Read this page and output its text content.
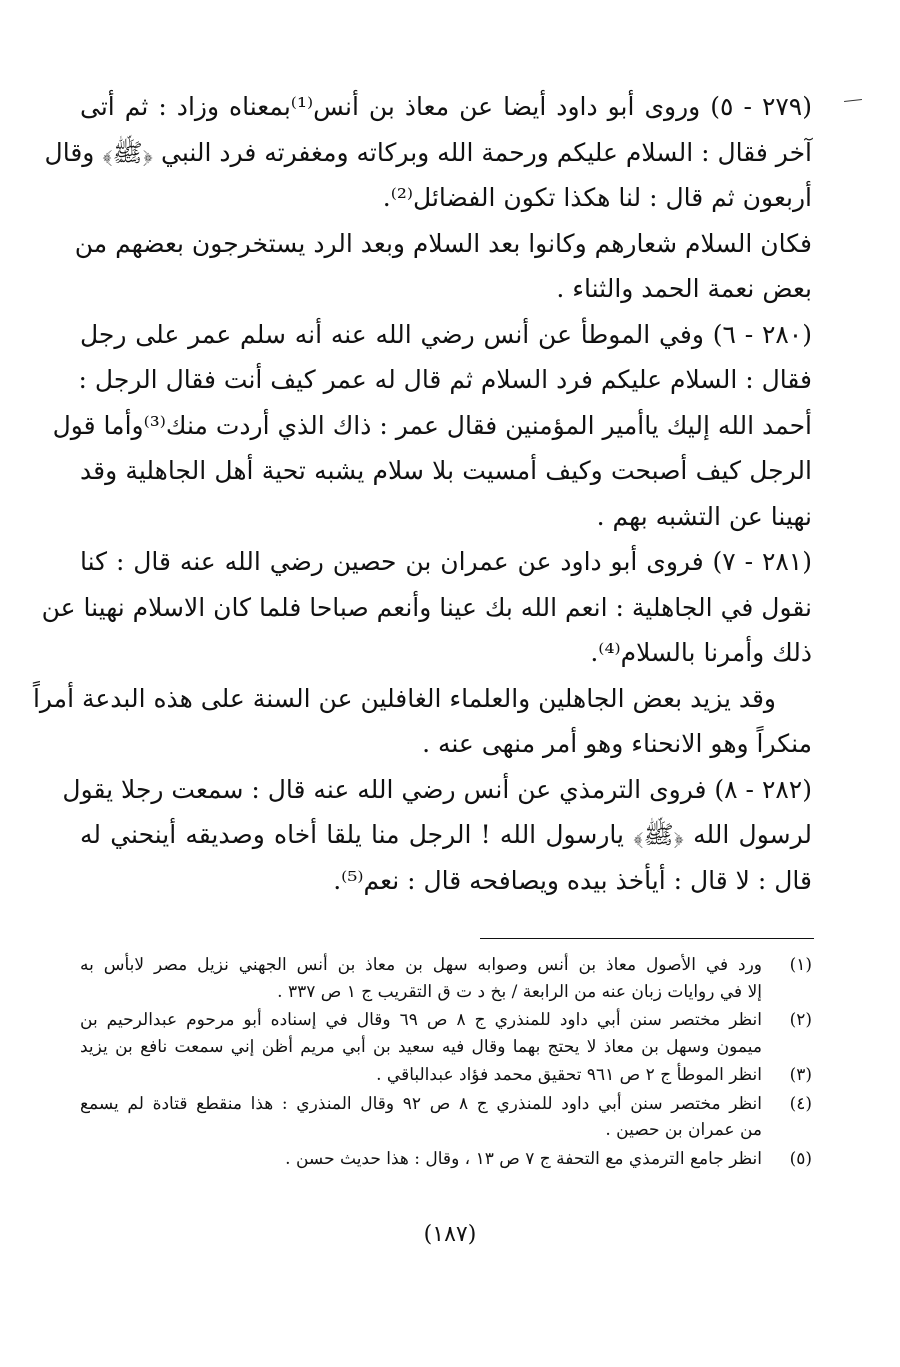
(٢٧٩ - ٥) وروى أبو داود أيضا عن معاذ بن أنس⁽¹⁾بمعناه وزاد : ثم أتى
آخر فقال : السلام عليكم ورحمة الله وبركاته ومغفرته فرد النبي ﴿ﷺ﴾ وقال
أربعون ثم قال : لنا هكذا تكون الفضائل⁽²⁾.
فكان السلام شعارهم وكانوا بعد السلام وبعد الرد يستخرجون بعضهم من
بعض نعمة الحمد والثناء .
(٢٨٠ - ٦) وفي الموطأ عن أنس رضي الله عنه أنه سلم عمر على رجل
فقال : السلام عليكم فرد السلام ثم قال له عمر كيف أنت فقال الرجل :
أحمد الله إليك ياأمير المؤمنين فقال عمر : ذاك الذي أردت منك⁽³⁾وأما قول
الرجل كيف أصبحت وكيف أمسيت بلا سلام يشبه تحية أهل الجاهلية وقد
نهينا عن التشبه بهم .
(٢٨١ - ٧) فروى أبو داود عن عمران بن حصين رضي الله عنه قال : كنا
نقول في الجاهلية : انعم الله بك عينا وأنعم صباحا فلما كان الاسلام نهينا عن
ذلك وأمرنا بالسلام⁽⁴⁾.
وقد يزيد بعض الجاهلين والعلماء الغافلين عن السنة على هذه البدعة أمراً
منكراً وهو الانحناء وهو أمر منهى عنه .
(٢٨٢ - ٨) فروى الترمذي عن أنس رضي الله عنه قال : سمعت رجلا يقول
لرسول الله ﴿ﷺ﴾ يارسول الله ! الرجل منا يلقا أخاه وصديقه أينحني له
قال : لا قال : أيأخذ بيده ويصافحه قال : نعم⁽⁵⁾.
(١)
ورد في الأصول معاذ بن أنس وصوابه سهل بن معاذ بن أنس الجهني نزيل مصر لابأس به
إلا في روايات زبان عنه من الرابعة / بخ د ت ق التقريب ج ١ ص ٣٣٧ .
(٢)
انظر مختصر سنن أبي داود للمنذري ج ٨ ص ٦٩ وقال في إسناده أبو مرحوم عبدالرحيم بن
ميمون وسهل بن معاذ لا يحتج بهما وقال فيه سعيد بن أبي مريم أظن إني سمعت نافع بن يزيد
(٣)
انظر الموطأ ج ٢ ص ٩٦١ تحقيق محمد فؤاد عبدالباقي .
(٤)
انظر مختصر سنن أبي داود للمنذري ج ٨ ص ٩٢ وقال المنذري : هذا منقطع قتادة لم يسمع
من عمران بن حصين .
(٥)
انظر جامع الترمذي مع التحفة ج ٧ ص ١٣ ، وقال : هذا حديث حسن .
(١٨٧)
